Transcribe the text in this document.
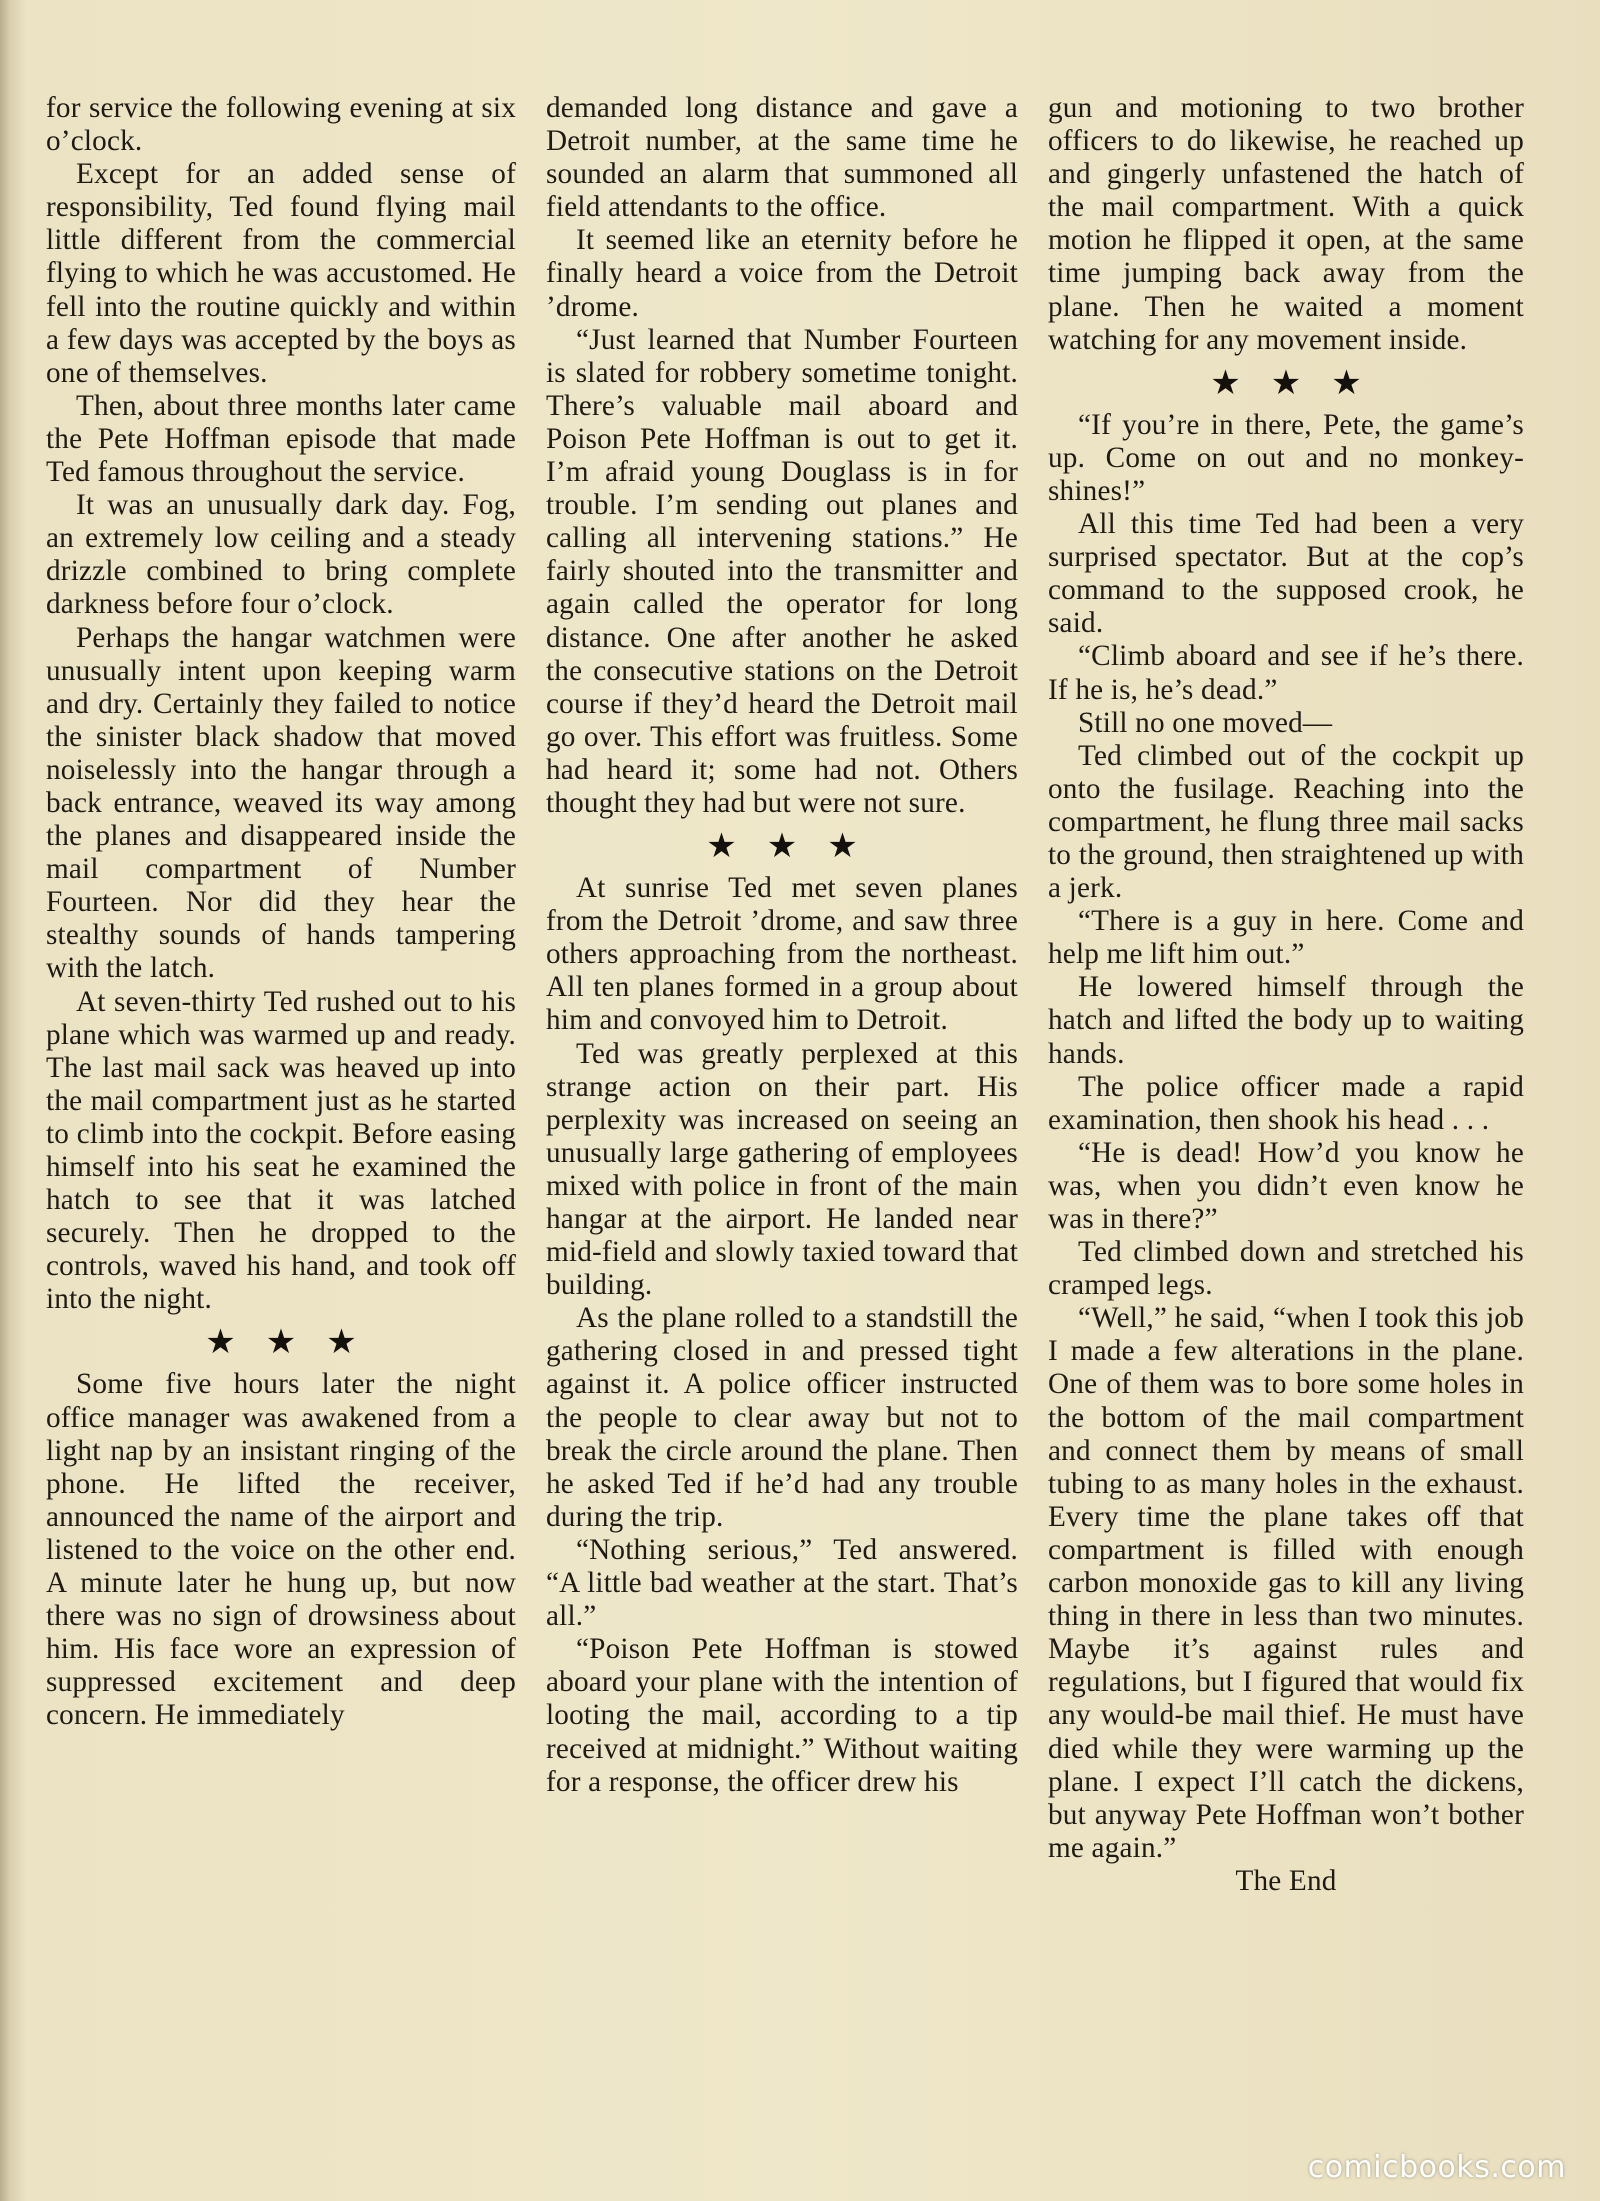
for service the following evening at six o’clock.

Except for an added sense of responsibility, Ted found flying mail little different from the commercial flying to which he was accustomed. He fell into the routine quickly and within a few days was accepted by the boys as one of themselves.

Then, about three months later came the Pete Hoffman episode that made Ted famous throughout the service.

It was an unusually dark day. Fog, an extremely low ceiling and a steady drizzle combined to bring complete darkness before four o’clock.

Perhaps the hangar watchmen were unusually intent upon keeping warm and dry. Certainly they failed to notice the sinister black shadow that moved noiselessly into the hangar through a back entrance, weaved its way among the planes and disappeared inside the mail compartment of Number Fourteen. Nor did they hear the stealthy sounds of hands tampering with the latch.

At seven-thirty Ted rushed out to his plane which was warmed up and ready. The last mail sack was heaved up into the mail compartment just as he started to climb into the cockpit. Before easing himself into his seat he examined the hatch to see that it was latched securely. Then he dropped to the controls, waved his hand, and took off into the night.

★★★

Some five hours later the night office manager was awakened from a light nap by an insistant ringing of the phone. He lifted the receiver, announced the name of the airport and listened to the voice on the other end. A minute later he hung up, but now there was no sign of drowsiness about him. His face wore an expression of suppressed excitement and deep concern. He immediately

demanded long distance and gave a Detroit number, at the same time he sounded an alarm that summoned all field attendants to the office.

It seemed like an eternity before he finally heard a voice from the Detroit ’drome.

“Just learned that Number Fourteen is slated for robbery sometime tonight. There’s valuable mail aboard and Poison Pete Hoffman is out to get it. I’m afraid young Douglass is in for trouble. I’m sending out planes and calling all intervening stations.” He fairly shouted into the transmitter and again called the operator for long distance. One after another he asked the consecutive stations on the Detroit course if they’d heard the Detroit mail go over. This effort was fruitless. Some had heard it; some had not. Others thought they had but were not sure.

★★★

At sunrise Ted met seven planes from the Detroit ’drome, and saw three others approaching from the northeast. All ten planes formed in a group about him and convoyed him to Detroit.

Ted was greatly perplexed at this strange action on their part. His perplexity was increased on seeing an unusually large gathering of employees mixed with police in front of the main hangar at the airport. He landed near mid-field and slowly taxied toward that building.

As the plane rolled to a standstill the gathering closed in and pressed tight against it. A police officer instructed the people to clear away but not to break the circle around the plane. Then he asked Ted if he’d had any trouble during the trip.

“Nothing serious,” Ted answered. “A little bad weather at the start. That’s all.”

“Poison Pete Hoffman is stowed aboard your plane with the intention of looting the mail, according to a tip received at midnight.” Without waiting for a response, the officer drew his

gun and motioning to two brother officers to do likewise, he reached up and gingerly unfastened the hatch of the mail compartment. With a quick motion he flipped it open, at the same time jumping back away from the plane. Then he waited a moment watching for any movement inside.

★★★

“If you’re in there, Pete, the game’s up. Come on out and no monkey-shines!”

All this time Ted had been a very surprised spectator. But at the cop’s command to the supposed crook, he said.

“Climb aboard and see if he’s there. If he is, he’s dead.”

Still no one moved—

Ted climbed out of the cockpit up onto the fusilage. Reaching into the compartment, he flung three mail sacks to the ground, then straightened up with a jerk.

“There is a guy in here. Come and help me lift him out.”

He lowered himself through the hatch and lifted the body up to waiting hands.

The police officer made a rapid examination, then shook his head . . .

“He is dead! How’d you know he was, when you didn’t even know he was in there?”

Ted climbed down and stretched his cramped legs.

“Well,” he said, “when I took this job I made a few alterations in the plane. One of them was to bore some holes in the bottom of the mail compartment and connect them by means of small tubing to as many holes in the exhaust. Every time the plane takes off that compartment is filled with enough carbon monoxide gas to kill any living thing in there in less than two minutes. Maybe it’s against rules and regulations, but I figured that would fix any would-be mail thief. He must have died while they were warming up the plane. I expect I’ll catch the dickens, but anyway Pete Hoffman won’t bother me again.”

The End

comicbooks.com
